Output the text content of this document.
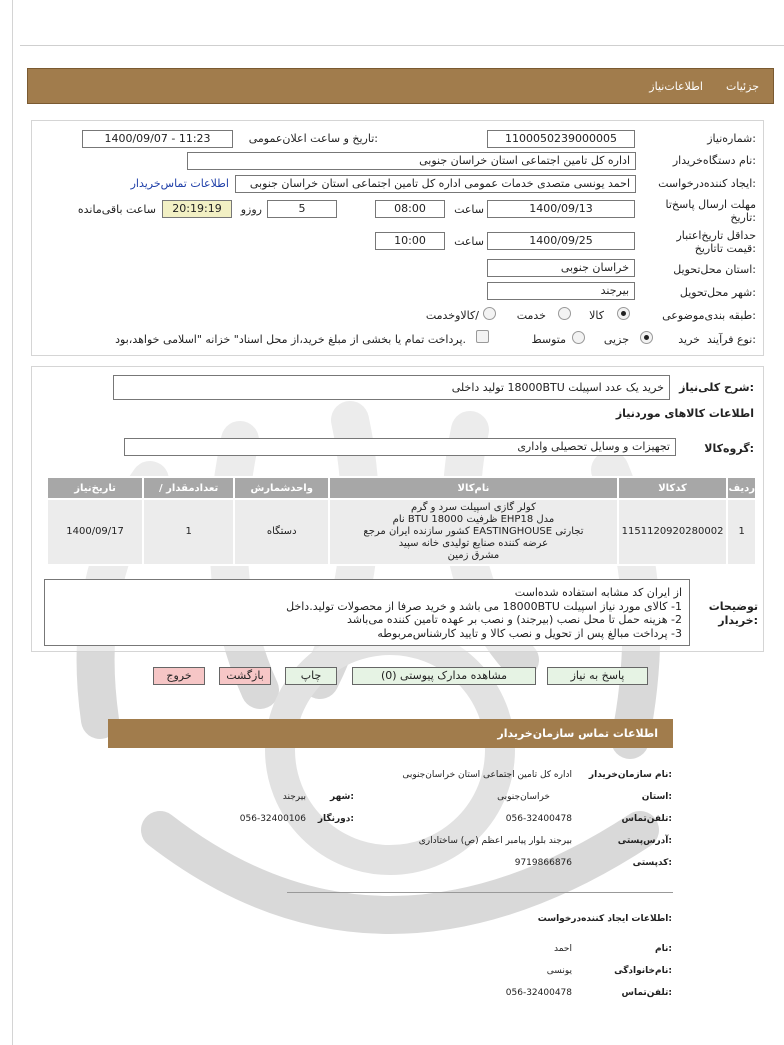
جزئیات
اطلاعات‌نیاز
شماره‌نیاز:
1100050239000005
تاریخ و ساعت اعلان‌عمومی:
1400/09/07 - 11:23
نام دستگاه‌خریدار:
اداره کل تامین اجتماعی استان خراسان جنوبی
ایجاد کننده‌درخواست:
احمد یونسی متصدی خدمات عمومی اداره کل تامین اجتماعی استان خراسان جنوبی
اطلاعات تماس‌خریدار
مهلت ارسال پاسخ‌تا تاریخ:
1400/09/13
ساعت
08:00
5
روز‌و
20:19:19
ساعت باقی‌مانده
حداقل تاریخ‌اعتبار قیمت تا‌تاریخ:
1400/09/25
ساعت
10:00
استان محل‌تحویل:
خراسان جنوبی
شهر محل‌تحویل:
بیرجند
طبقه بندی‌موضوعی:
کالا
خدمت
کالاوخدمت/
نوع فرآیند:
خرید
جزیی
متوسط
پرداخت تمام یا بخشی از مبلغ خرید،از محل اسناد" خزانه "اسلامی خواهد،بود.
شرح کلی‌نیاز:
خرید یک عدد اسپیلت 18000BTU تولید داخلی
اطلاعات کالاهای موردنیاز
گروه‌کالا:
تجهیزات و وسایل تحصیلی واداری
ردیف	کدکالا	نام‌کالا	واحدشمارش	تعداد‌مقدار /	تاریخ‌نیاز
1	1151120920280002	کولر گازی اسپیلت سرد و گرم
مدل EHP18 ظرفیت 18000 BTU نام
تجارتی EASTINGHOUSE کشور سازنده ایران مرجع
عرضه کننده صنایع تولیدی خانه سپید
مشرق زمین	دستگاه	1	1400/09/17
توضیحات خریدار:
از ایران کد مشابه استفاده شده‌است
1- کالای مورد نیاز اسپیلت 18000BTU می باشد و خرید صرفا از محصولات تولید.داخل
2- هزینه حمل تا محل نصب (بیرجند) و نصب بر عهده تامین کننده می‌باشد
3- پرداخت مبالغ پس از تحویل و نصب کالا و تایید کارشناس‌مربوطه
پاسخ به نیاز
مشاهده مدارک پیوستی (0)
چاپ
بازگشت
خروج
اطلاعات تماس سازمان‌خریدار
نام سازمان‌خریدار:
اداره کل تامین اجتماعی استان خراسان‌جنوبی
استان:
خراسان‌جنوبی
شهر:
بیرجند
تلفن‌تماس:
056-32400478
دورنگار:
056-32400106
آدرس‌پستی:
بیرجند بلوار پیامبر اعظم (ص) ساختاداری
کد‌پستی:
9719866876
اطلاعات ایجاد کننده‌درخواست:
نام:
احمد
نام‌خانوادگی:
یونسی
تلفن‌تماس:
056-32400478
